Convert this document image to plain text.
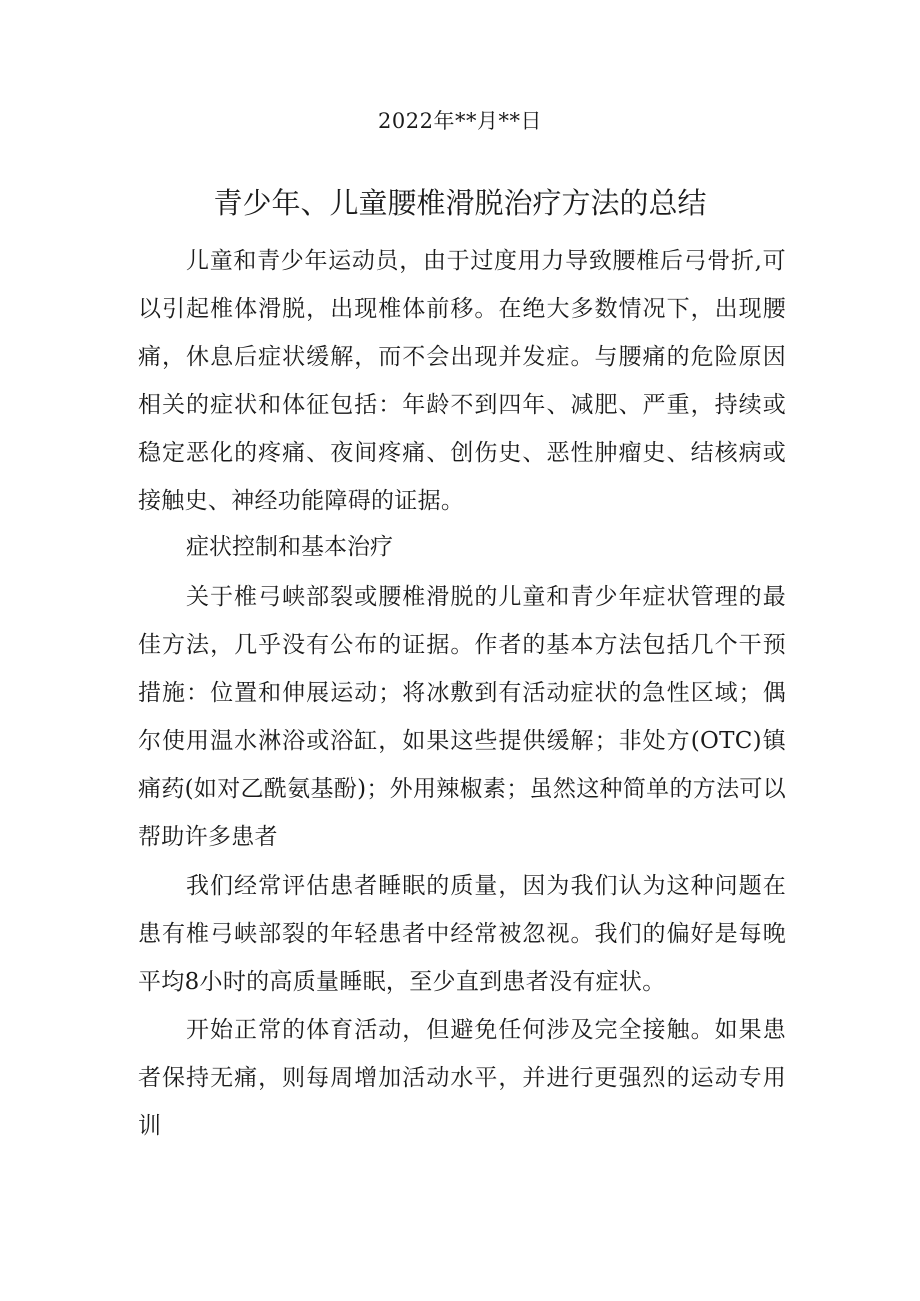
2022年**月**日
青少年、儿童腰椎滑脱治疗方法的总结

儿童和青少年运动员，由于过度用力导致腰椎后弓骨折,可以引起椎体滑脱，出现椎体前移。在绝大多数情况下，出现腰痛，休息后症状缓解，而不会出现并发症。与腰痛的危险原因相关的症状和体征包括：年龄不到四年、减肥、严重，持续或稳定恶化的疼痛、夜间疼痛、创伤史、恶性肿瘤史、结核病或接触史、神经功能障碍的证据。

症状控制和基本治疗

关于椎弓峡部裂或腰椎滑脱的儿童和青少年症状管理的最佳方法，几乎没有公布的证据。作者的基本方法包括几个干预措施：位置和伸展运动；将冰敷到有活动症状的急性区域；偶尔使用温水淋浴或浴缸，如果这些提供缓解；非处方(OTC)镇痛药(如对乙酰氨基酚)；外用辣椒素；虽然这种简单的方法可以帮助许多患者

我们经常评估患者睡眠的质量，因为我们认为这种问题在患有椎弓峡部裂的年轻患者中经常被忽视。我们的偏好是每晚平均8小时的高质量睡眠，至少直到患者没有症状。

开始正常的体育活动，但避免任何涉及完全接触。如果患者保持无痛，则每周增加活动水平，并进行更强烈的运动专用训
